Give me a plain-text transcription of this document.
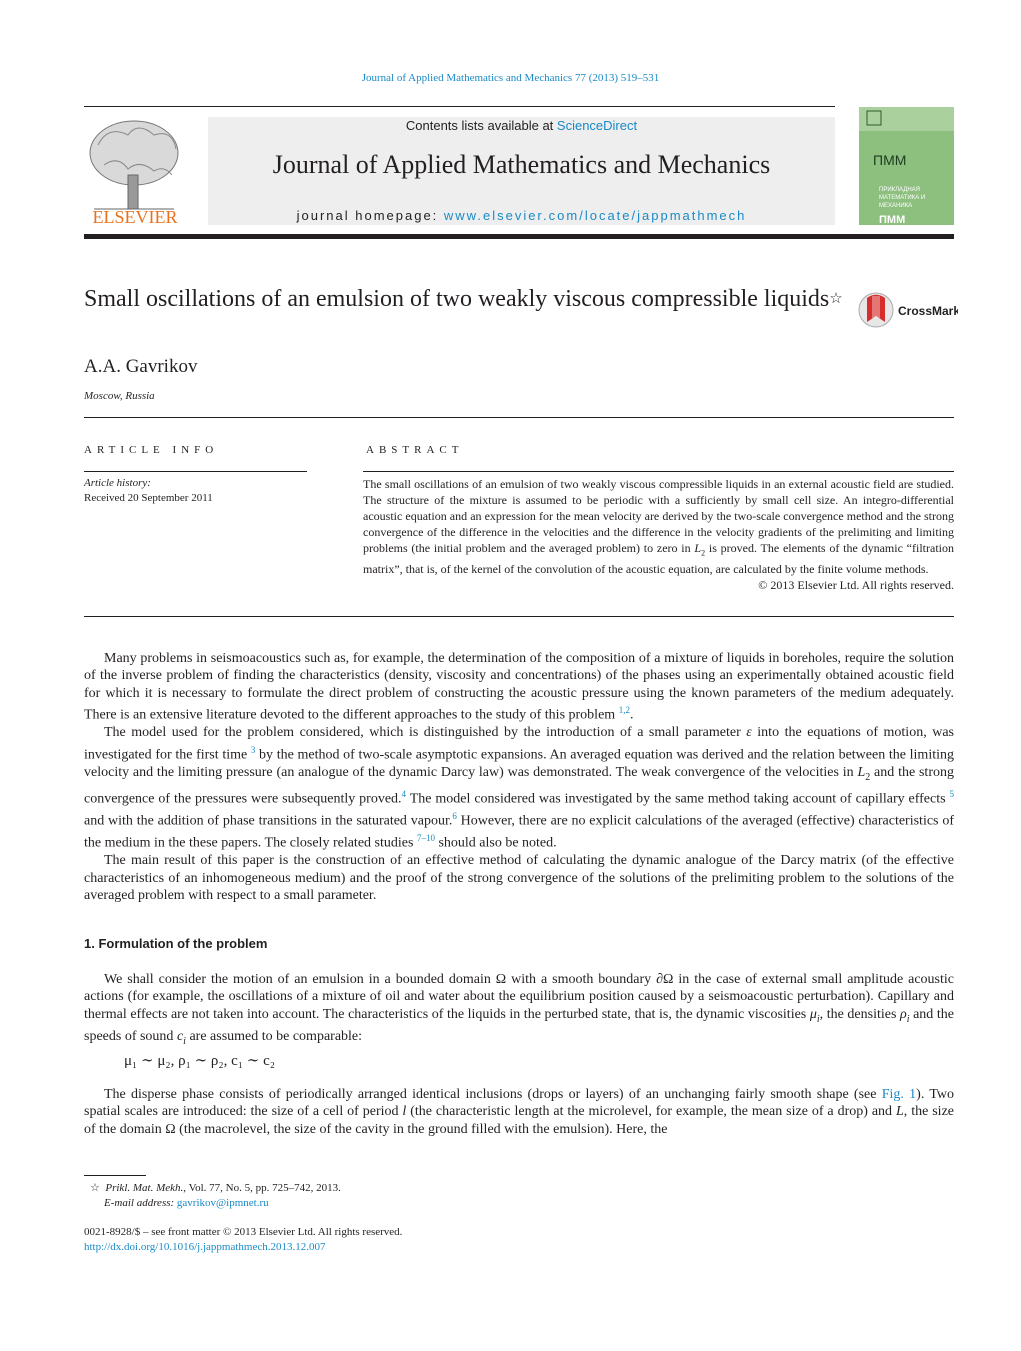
Journal of Applied Mathematics and Mechanics 77 (2013) 519–531
ELSEVIER
Contents lists available at ScienceDirect
Journal of Applied Mathematics and Mechanics
journal homepage: www.elsevier.com/locate/jappmathmech
ПММ
ПРИКЛАДНАЯ
МАТЕМАТИКА И
МЕХАНИКА
ПММ
Small oscillations of an emulsion of two weakly viscous compressible liquids☆
CrossMark
A.A. Gavrikov
Moscow, Russia
ARTICLE INFO	ABSTRACT
Article history:
Received 20 September 2011
The small oscillations of an emulsion of two weakly viscous compressible liquids in an external acoustic field are studied. The structure of the mixture is assumed to be periodic with a sufficiently by small cell size. An integro-differential acoustic equation and an expression for the mean velocity are derived by the two-scale convergence method and the strong convergence of the difference in the velocities and the difference in the velocity gradients of the prelimiting and limiting problems (the initial problem and the averaged problem) to zero in $L_2$ is proved. The elements of the dynamic “filtration matrix”, that is, of the kernel of the convolution of the acoustic equation, are calculated by the finite volume methods.
© 2013 Elsevier Ltd. All rights reserved.

Many problems in seismoacoustics such as, for example, the determination of the composition of a mixture of liquids in boreholes, require the solution of the inverse problem of finding the characteristics (density, viscosity and concentrations) of the phases using an experimentally obtained acoustic field for which it is necessary to formulate the direct problem of constructing the acoustic pressure using the known parameters of the medium adequately. There is an extensive literature devoted to the different approaches to the study of this problem $^{1,2}$.

The model used for the problem considered, which is distinguished by the introduction of a small parameter ε into the equations of motion, was investigated for the first time $^3$ by the method of two-scale asymptotic expansions. An averaged equation was derived and the relation between the limiting velocity and the limiting pressure (an analogue of the dynamic Darcy law) was demonstrated. The weak convergence of the velocities in $L_2$ and the strong convergence of the pressures were subsequently proved.$^4$ The model considered was investigated by the same method taking account of capillary effects $^5$ and with the addition of phase transitions in the saturated vapour.$^6$ However, there are no explicit calculations of the averaged (effective) characteristics of the medium in the these papers. The closely related studies $^{7-10}$ should also be noted.

The main result of this paper is the construction of an effective method of calculating the dynamic analogue of the Darcy matrix (of the effective characteristics of an inhomogeneous medium) and the proof of the strong convergence of the solutions of the prelimiting problem to the solutions of the averaged problem with respect to a small parameter.

1. Formulation of the problem

We shall consider the motion of an emulsion in a bounded domain Ω with a smooth boundary ∂Ω in the case of external small amplitude acoustic actions (for example, the oscillations of a mixture of oil and water about the equilibrium position caused by a seismoacoustic perturbation). Capillary and thermal effects are not taken into account. The characteristics of the liquids in the perturbed state, that is, the dynamic viscosities $\mu_i$, the densities $\rho_i$ and the speeds of sound $c_i$ are assumed to be comparable:

μ₁ ∼ μ₂, ρ₁ ∼ ρ₂, c₁ ∼ c₂

The disperse phase consists of periodically arranged identical inclusions (drops or layers) of an unchanging fairly smooth shape (see Fig. 1). Two spatial scales are introduced: the size of a cell of period l (the characteristic length at the microlevel, for example, the mean size of a drop) and L, the size of the domain Ω (the macrolevel, the size of the cavity in the ground filled with the emulsion). Here, the

☆ Prikl. Mat. Mekh., Vol. 77, No. 5, pp. 725–742, 2013.
E-mail address: gavrikov@ipmnet.ru
0021-8928/$ – see front matter © 2013 Elsevier Ltd. All rights reserved.
http://dx.doi.org/10.1016/j.jappmathmech.2013.12.007
